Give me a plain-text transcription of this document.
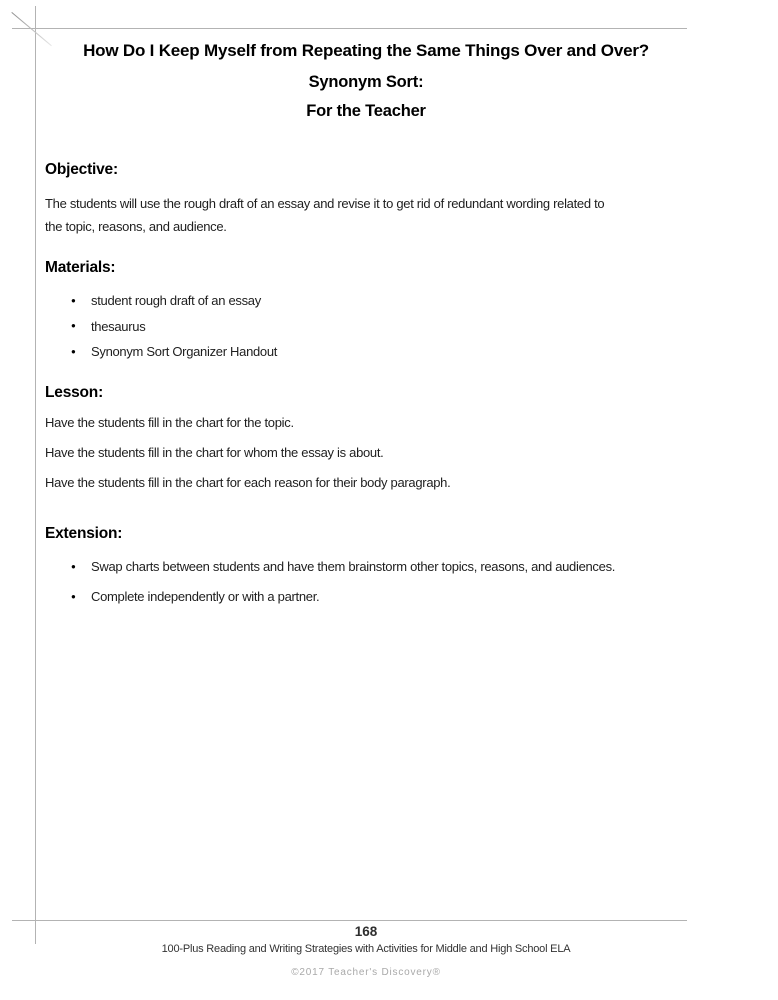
How Do I Keep Myself from Repeating the Same Things Over and Over?
Synonym Sort:
For the Teacher
Objective:
The students will use the rough draft of an essay and revise it to get rid of redundant wording related to
the topic, reasons, and audience.
Materials:
● student rough draft of an essay
● thesaurus
● Synonym Sort Organizer Handout
Lesson:

Have the students fill in the chart for the topic.

Have the students fill in the chart for whom the essay is about.

Have the students fill in the chart for each reason for their body paragraph.

Extension:
● Swap charts between students and have them brainstorm other topics, reasons, and audiences.
● Complete independently or with a partner.
168
100-Plus Reading and Writing Strategies with Activities for Middle and High School ELA
©2017 Teacher's Discovery®
